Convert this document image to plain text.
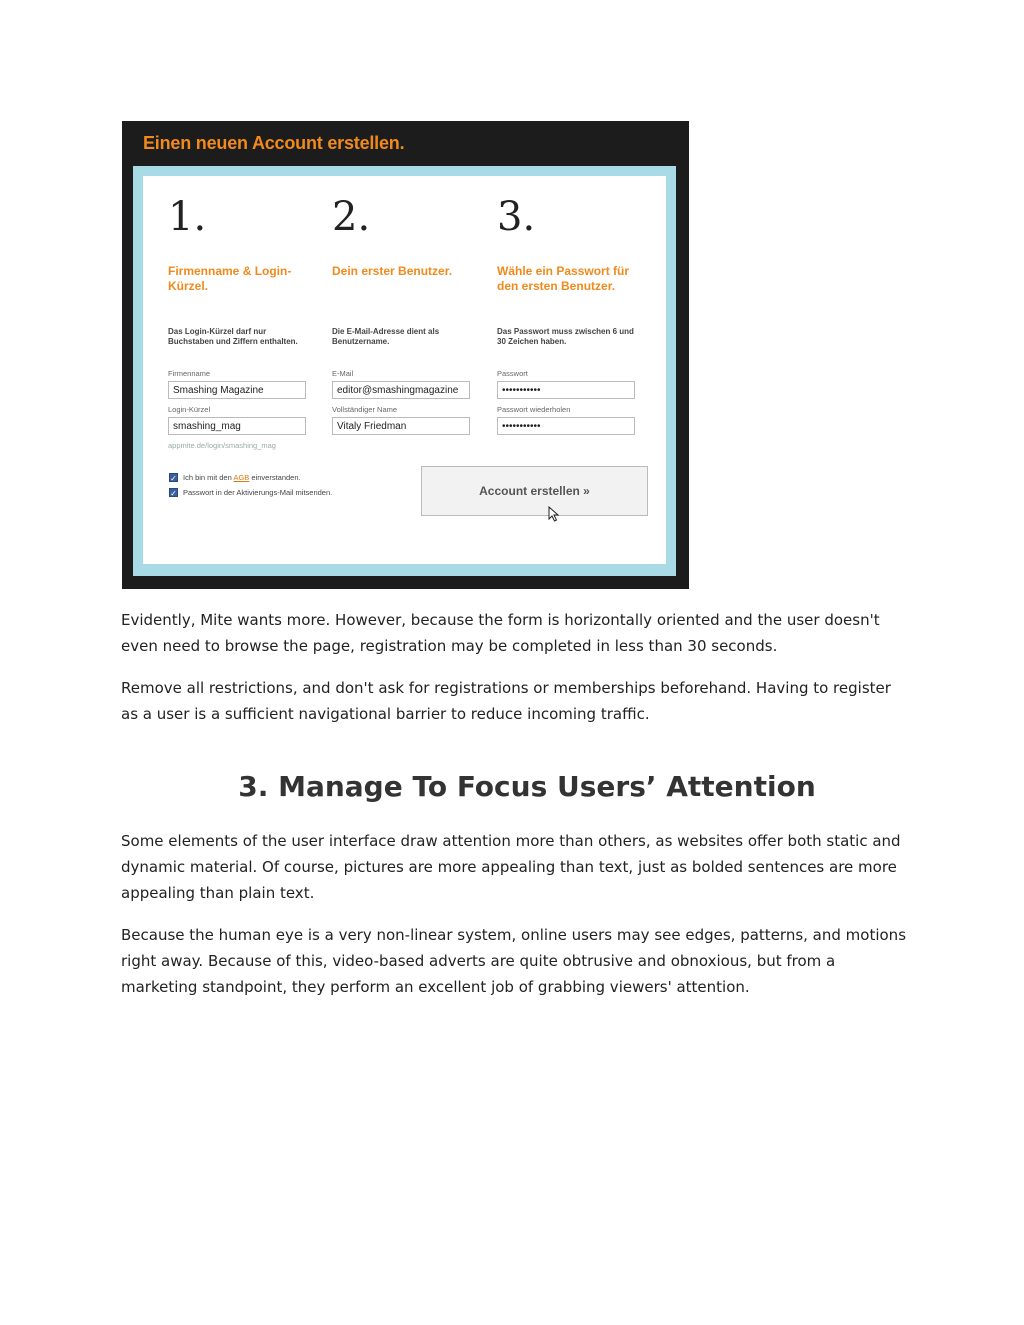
Einen neuen Account erstellen.
1.
Firmenname & Login-Kürzel.
Das Login-Kürzel darf nur Buchstaben und Ziffern enthalten.
Firmenname
Smashing Magazine
Login-Kürzel
smashing_mag
appmite.de/login/smashing_mag
2.
Dein erster Benutzer.
Die E-Mail-Adresse dient als Benutzername.
E-Mail
editor@smashingmagazine
Vollständiger Name
Vitaly Friedman
3.
Wähle ein Passwort für den ersten Benutzer.
Das Passwort muss zwischen 6 und 30 Zeichen haben.
Passwort
•••••••••••
Passwort wiederholen
•••••••••••
✓ Ich bin mit den AGB einverstanden.
✓ Passwort in der Aktivierungs-Mail mitsenden.	Account erstellen »

Evidently, Mite wants more. However, because the form is horizontally oriented and the user doesn't even need to browse the page, registration may be completed in less than 30 seconds.

Remove all restrictions, and don't ask for registrations or memberships beforehand. Having to register as a user is a sufficient navigational barrier to reduce incoming traffic.

3. Manage To Focus Users’ Attention

Some elements of the user interface draw attention more than others, as websites offer both static and dynamic material. Of course, pictures are more appealing than text, just as bolded sentences are more appealing than plain text.

Because the human eye is a very non-linear system, online users may see edges, patterns, and motions right away. Because of this, video-based adverts are quite obtrusive and obnoxious, but from a marketing standpoint, they perform an excellent job of grabbing viewers' attention.
